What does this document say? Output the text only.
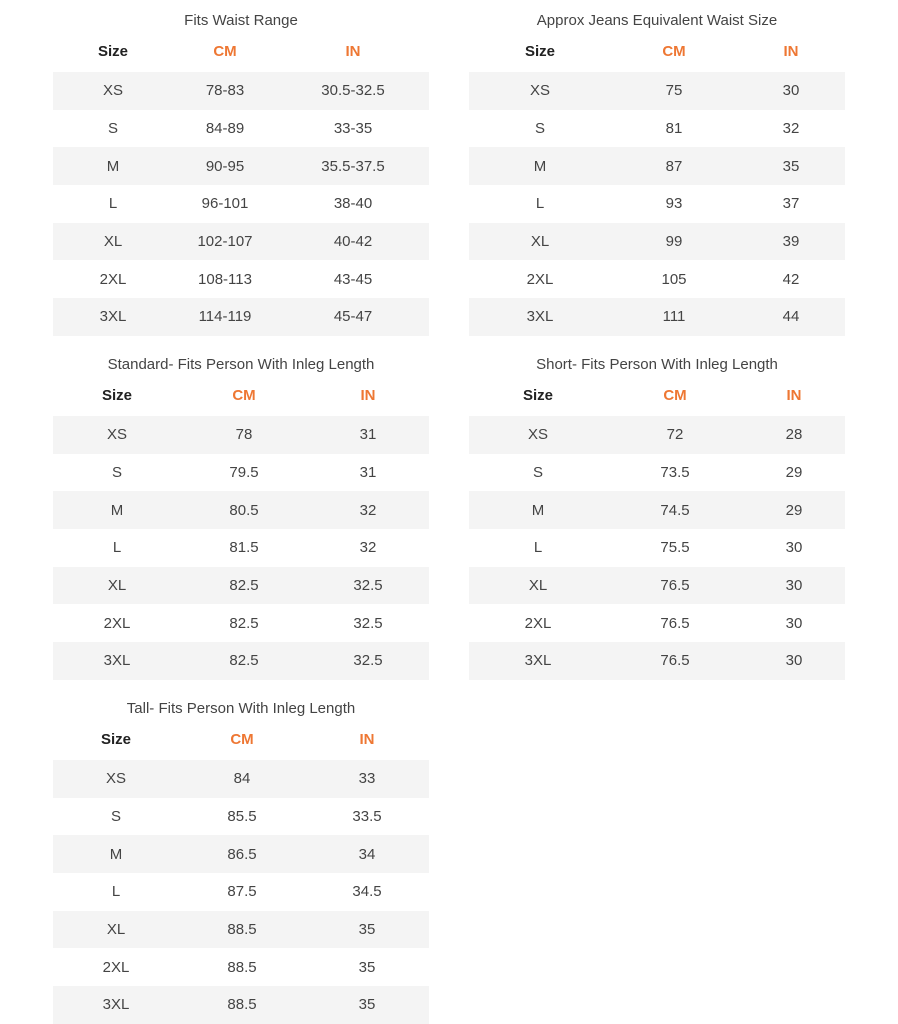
Fits Waist Range
Size	CM	IN
XS	78-83	30.5-32.5
S	84-89	33-35
M	90-95	35.5-37.5
L	96-101	38-40
XL	102-107	40-42
2XL	108-113	43-45
3XL	114-119	45-47
Approx Jeans Equivalent Waist Size
Size	CM	IN
XS	75	30
S	81	32
M	87	35
L	93	37
XL	99	39
2XL	105	42
3XL	111	44
Standard- Fits Person With Inleg Length
Size	CM	IN
XS	78	31
S	79.5	31
M	80.5	32
L	81.5	32
XL	82.5	32.5
2XL	82.5	32.5
3XL	82.5	32.5
Short- Fits Person With Inleg Length
Size	CM	IN
XS	72	28
S	73.5	29
M	74.5	29
L	75.5	30
XL	76.5	30
2XL	76.5	30
3XL	76.5	30
Tall- Fits Person With Inleg Length
Size	CM	IN
XS	84	33
S	85.5	33.5
M	86.5	34
L	87.5	34.5
XL	88.5	35
2XL	88.5	35
3XL	88.5	35
